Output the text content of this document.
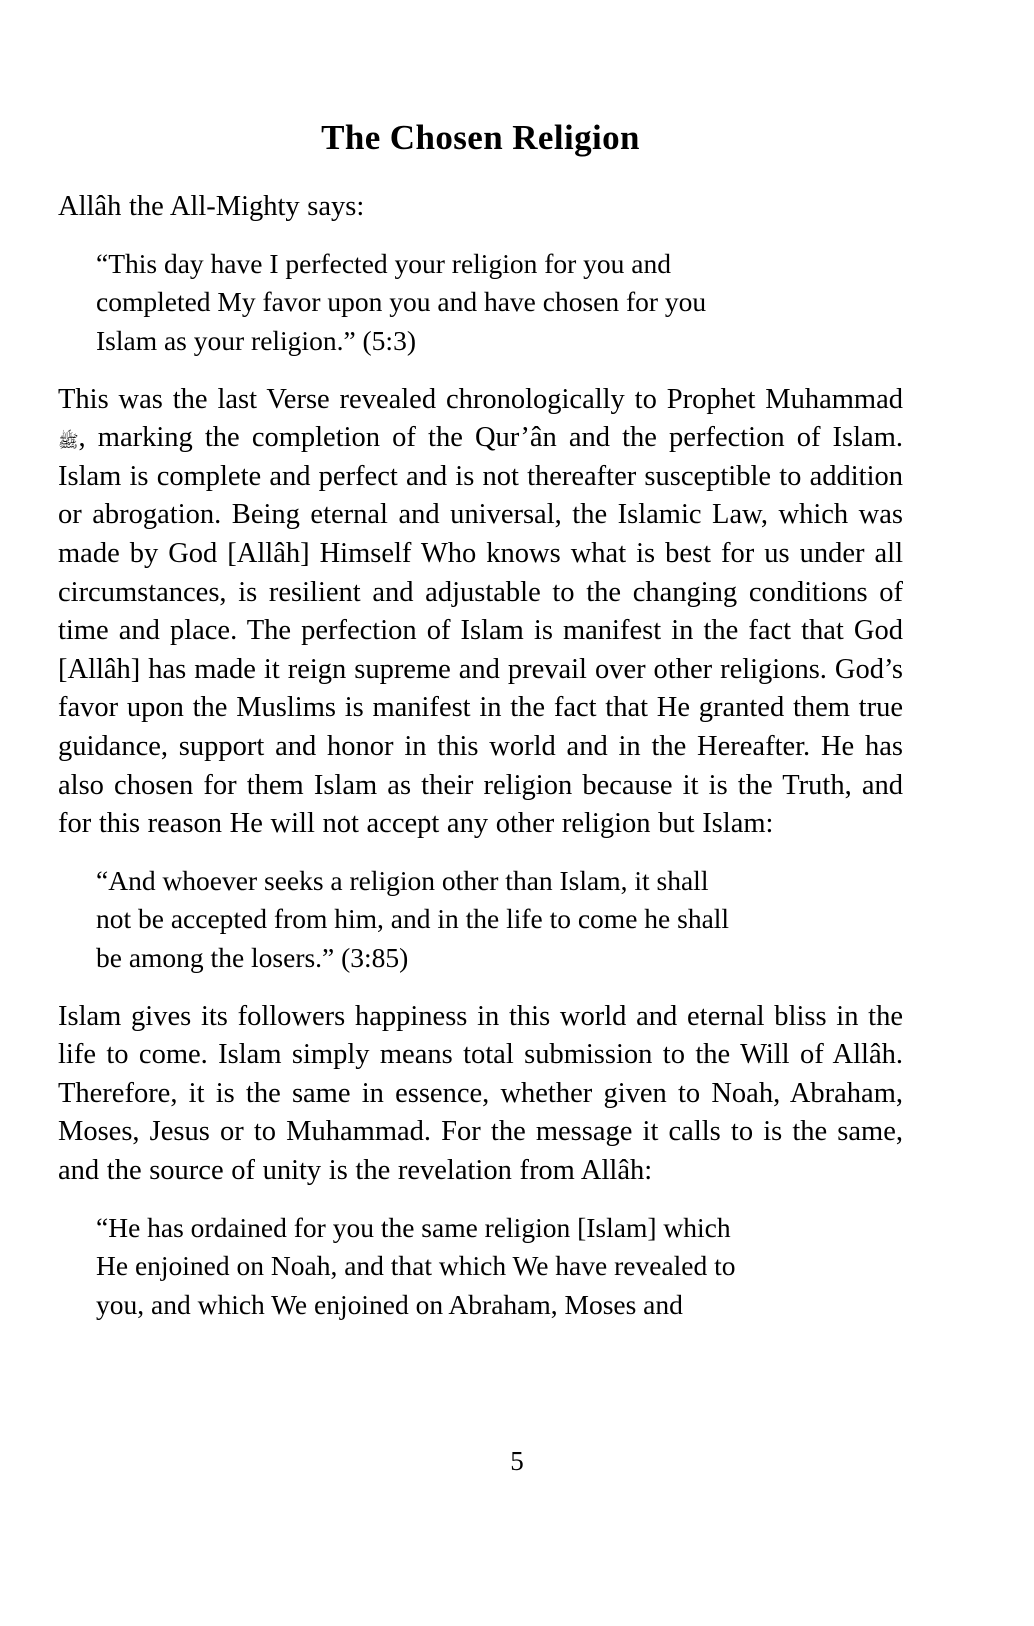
The Chosen Religion

Allâh the All-Mighty says:

“This day have I perfected your religion for you and
completed My favor upon you and have chosen for you
Islam as your religion.” (5:3)

This was the last Verse revealed chronologically to Prophet Muhammad ﷺ, marking the completion of the Qur’ân and the perfection of Islam. Islam is complete and perfect and is not thereafter susceptible to addition or abrogation. Being eternal and universal, the Islamic Law, which was made by God [Allâh] Himself Who knows what is best for us under all circumstances, is resilient and adjustable to the changing conditions of time and place. The perfection of Islam is manifest in the fact that God [Allâh] has made it reign supreme and prevail over other religions. God’s favor upon the Muslims is manifest in the fact that He granted them true guidance, support and honor in this world and in the Hereafter. He has also chosen for them Islam as their religion because it is the Truth, and for this reason He will not accept any other religion but Islam:

“And whoever seeks a religion other than Islam, it shall
not be accepted from him, and in the life to come he shall
be among the losers.” (3:85)

Islam gives its followers happiness in this world and eternal bliss in the life to come. Islam simply means total submission to the Will of Allâh. Therefore, it is the same in essence, whether given to Noah, Abraham, Moses, Jesus or to Muhammad. For the message it calls to is the same, and the source of unity is the revelation from Allâh:

“He has ordained for you the same religion [Islam] which
He enjoined on Noah, and that which We have revealed to
you, and which We enjoined on Abraham, Moses and
5
